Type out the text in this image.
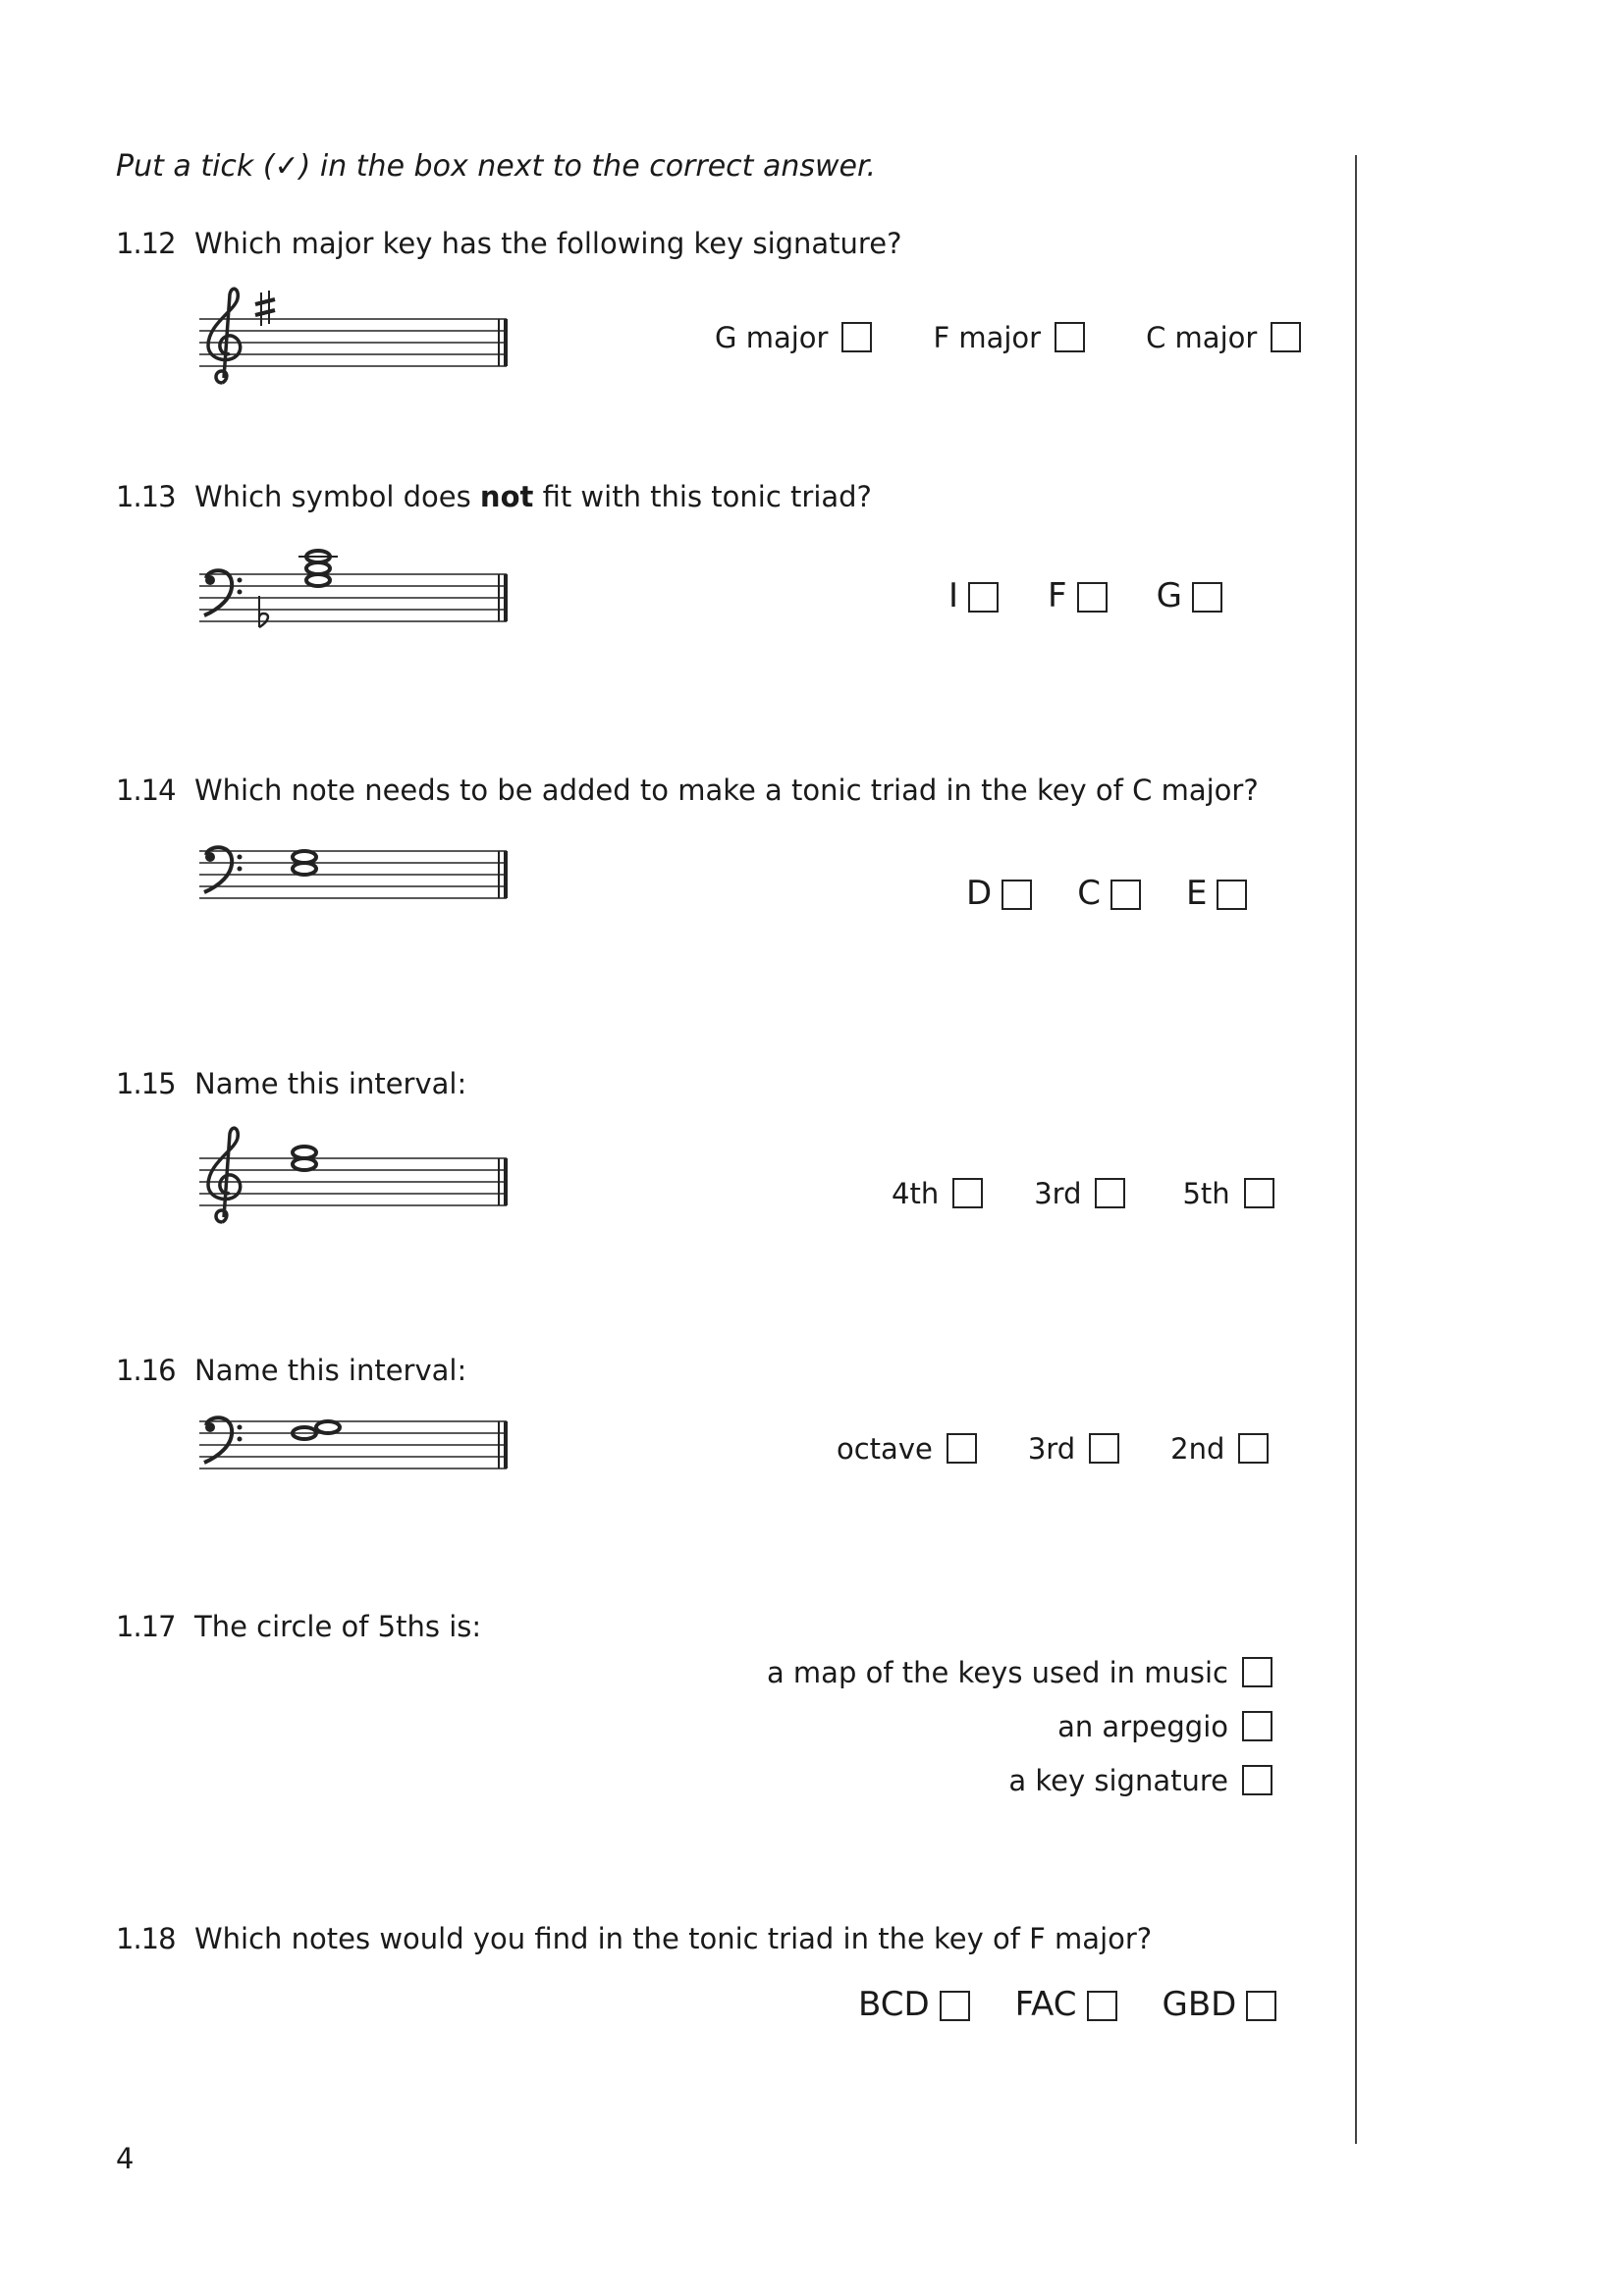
Put a tick (✓) in the box next to the correct answer.
1.12 Which major key has the following key signature?
G major	F major	C major
1.13 Which symbol does not fit with this tonic triad?
I	F	G
1.14 Which note needs to be added to make a tonic triad in the key of C major?
D	C	E
1.15 Name this interval:
4th	3rd	5th
1.16 Name this interval:
octave	3rd	2nd
1.17 The circle of 5ths is:
a map of the keys used in music
an arpeggio
a key signature
1.18 Which notes would you find in the tonic triad in the key of F major?
BCD	FAC	GBD
4
